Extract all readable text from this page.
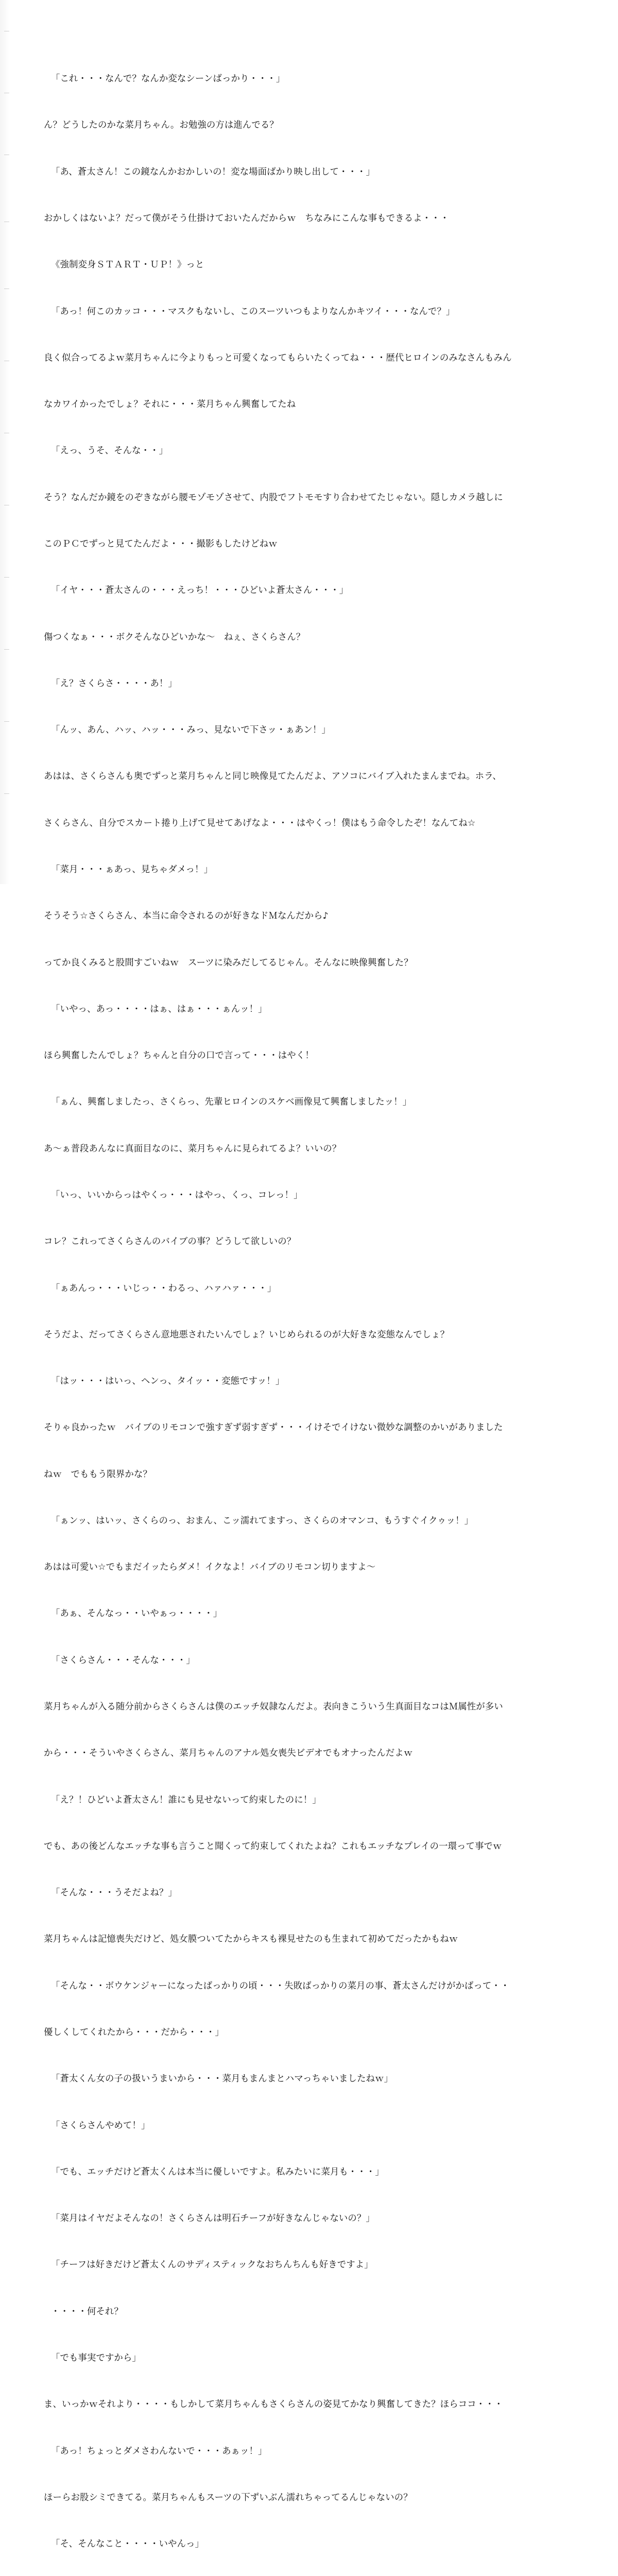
「これ・・・なんで？なんか変なシーンばっかり・・・」

ん？どうしたのかな菜月ちゃん。お勉強の方は進んでる？

「あ、蒼太さん！この鏡なんかおかしいの！変な場面ばかり映し出して・・・」

おかしくはないよ？だって僕がそう仕掛けておいたんだからｗ　ちなみにこんな事もできるよ・・・

《強制変身ＳＴＡＲＴ・ＵＰ！》っと

「あっ！何このカッコ・・・マスクもないし、このスーツいつもよりなんかキツイ・・・なんで？」

良く似合ってるよｗ菜月ちゃんに今よりもっと可愛くなってもらいたくってね・・・歴代ヒロインのみなさんもみん

なカワイかったでしょ？それに・・・菜月ちゃん興奮してたね

「えっ、うそ、そんな・・」

そう？なんだか鏡をのぞきながら腰モゾモゾさせて、内股でフトモモすり合わせてたじゃない。隠しカメラ越しに

このＰＣでずっと見てたんだよ・・・撮影もしたけどねｗ

「イヤ・・・蒼太さんの・・・えっち！・・・ひどいよ蒼太さん・・・」

傷つくなぁ・・・ボクそんなひどいかな〜　ねぇ、さくらさん？

「え？さくらさ・・・・あ！」

「んッ、あん、ハッ、ハッ・・・みっ、見ないで下さッ・ぁあン！」

あはは、さくらさんも奥でずっと菜月ちゃんと同じ映像見てたんだよ、アソコにバイブ入れたまんまでね。ホラ、

さくらさん、自分でスカート捲り上げて見せてあげなよ・・・はやくっ！僕はもう命令したぞ！なんてね☆

「菜月・・・ぁあっ、見ちゃダメっ！」

そうそう☆さくらさん、本当に命令されるのが好きなドＭなんだから♪

ってか良くみると股間すごいねｗ　スーツに染みだしてるじゃん。そんなに映像興奮した？

「いやっ、あっ・・・・はぁ、はぁ・・・ぁんッ！」

ほら興奮したんでしょ？ちゃんと自分の口で言って・・・はやく！

「ぁん、興奮しましたっ、さくらっ、先輩ヒロインのスケベ画像見て興奮しましたッ！」

あ〜ぁ普段あんなに真面目なのに、菜月ちゃんに見られてるよ？いいの？

「いっ、いいからっはやくっ・・・はやっ、くっ、コレっ！」

コレ？これってさくらさんのバイブの事？どうして欲しいの？

「ぁあんっ・・・いじっ・・わるっ、ハァハァ・・・」

そうだよ、だってさくらさん意地悪されたいんでしょ？いじめられるのが大好きな変態なんでしょ？

「はッ・・・はいっ、ヘンっ、タイッ・・変態ですッ！」

そりゃ良かったｗ　バイブのリモコンで強すぎず弱すぎず・・・イけそでイけない微妙な調整のかいがありました

ねｗ　でももう限界かな？

「ぁンッ、はいッ、さくらのっ、おまん、こッ濡れてますっ、さくらのオマンコ、もうすぐイクゥッ！」

あはは可愛い☆でもまだイッたらダメ！イクなよ！バイブのリモコン切りますよ〜

「あぁ、そんなっ・・いやぁっ・・・・」

「さくらさん・・・そんな・・・」

菜月ちゃんが入る随分前からさくらさんは僕のエッチ奴隷なんだよ。表向きこういう生真面目なコはＭ属性が多い

から・・・そういやさくらさん、菜月ちゃんのアナル処女喪失ビデオでもオナったんだよｗ

「え？！ひどいよ蒼太さん！誰にも見せないって約束したのに！」

でも、あの後どんなエッチな事も言うこと聞くって約束してくれたよね？これもエッチなプレイの一環って事でｗ

「そんな・・・うそだよね？」

菜月ちゃんは記憶喪失だけど、処女膜ついてたからキスも裸見せたのも生まれて初めてだったかもねｗ

「そんな・・ボウケンジャーになったばっかりの頃・・・失敗ばっかりの菜月の事、蒼太さんだけがかばって・・

優しくしてくれたから・・・だから・・・」

「蒼太くん女の子の扱いうまいから・・・菜月もまんまとハマっちゃいましたねｗ」

「さくらさんやめて！」

「でも、エッチだけど蒼太くんは本当に優しいですよ。私みたいに菜月も・・・」

「菜月はイヤだよそんなの！さくらさんは明石チーフが好きなんじゃないの？」

「チーフは好きだけど蒼太くんのサディスティックなおちんちんも好きですよ」

・・・・何それ？

「でも事実ですから」

ま、いっかｗそれより・・・・もしかして菜月ちゃんもさくらさんの姿見てかなり興奮してきた？ほらココ・・・

「あっ！ちょっとダメさわんないで・・・あぁッ！」

ほーらお股シミできてる。菜月ちゃんもスーツの下ずいぶん濡れちゃってるんじゃないの？

「そ、そんなこと・・・・いやんっ」
